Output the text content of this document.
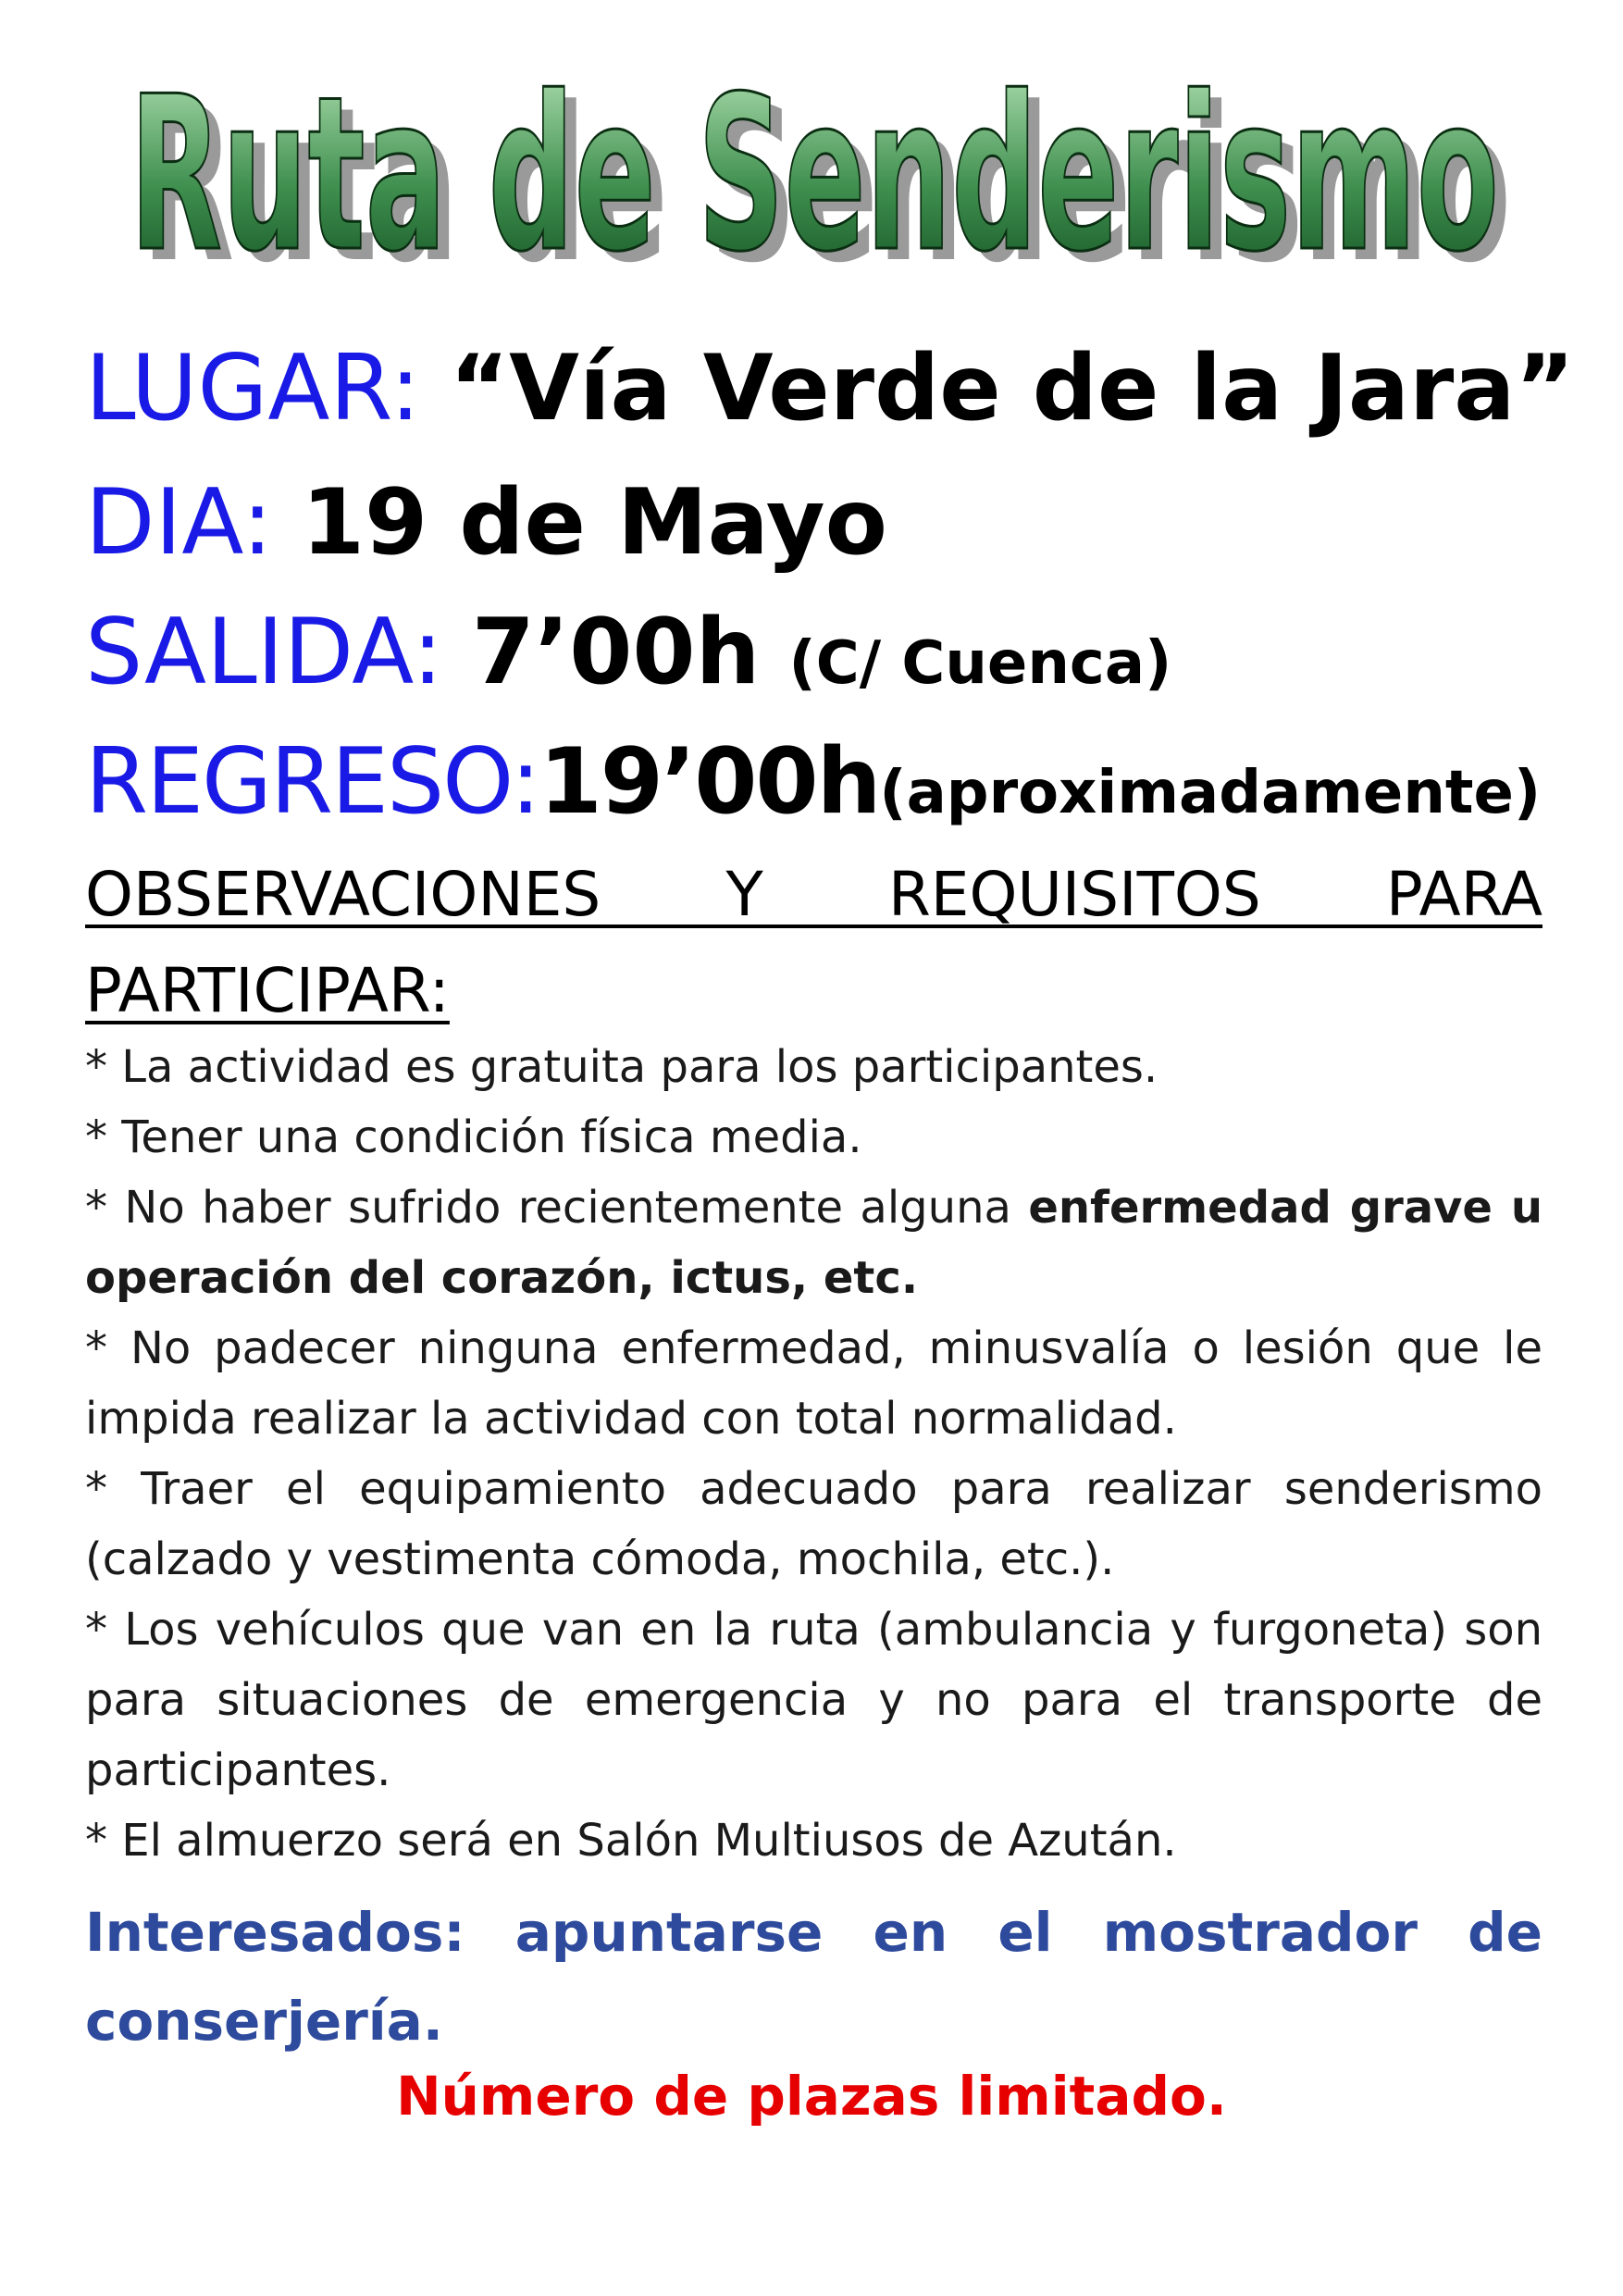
Ruta de Senderismo
Ruta de Senderismo
LUGAR: “Vía Verde de la Jara”
DIA: 19 de Mayo
SALIDA: 7’00h (C/ Cuenca)
REGRESO:19’00h(aproximadamente)
OBSERVACIONES Y REQUISITOS PARA
PARTICIPAR:

* La actividad es gratuita para los participantes.

* Tener una condición física media.

* No haber sufrido recientemente alguna enfermedad grave u operación del corazón, ictus, etc.

* No padecer ninguna enfermedad, minusvalía o lesión que le impida realizar la actividad con total normalidad.

* Traer el equipamiento adecuado para realizar senderismo (calzado y vestimenta cómoda, mochila, etc.).

* Los vehículos que van en la ruta (ambulancia y furgoneta) son para situaciones de emergencia y no para el transporte de participantes.

* El almuerzo será en Salón Multiusos de Azután.

Interesados: apuntarse en el mostrador de conserjería.
Número de plazas limitado.
